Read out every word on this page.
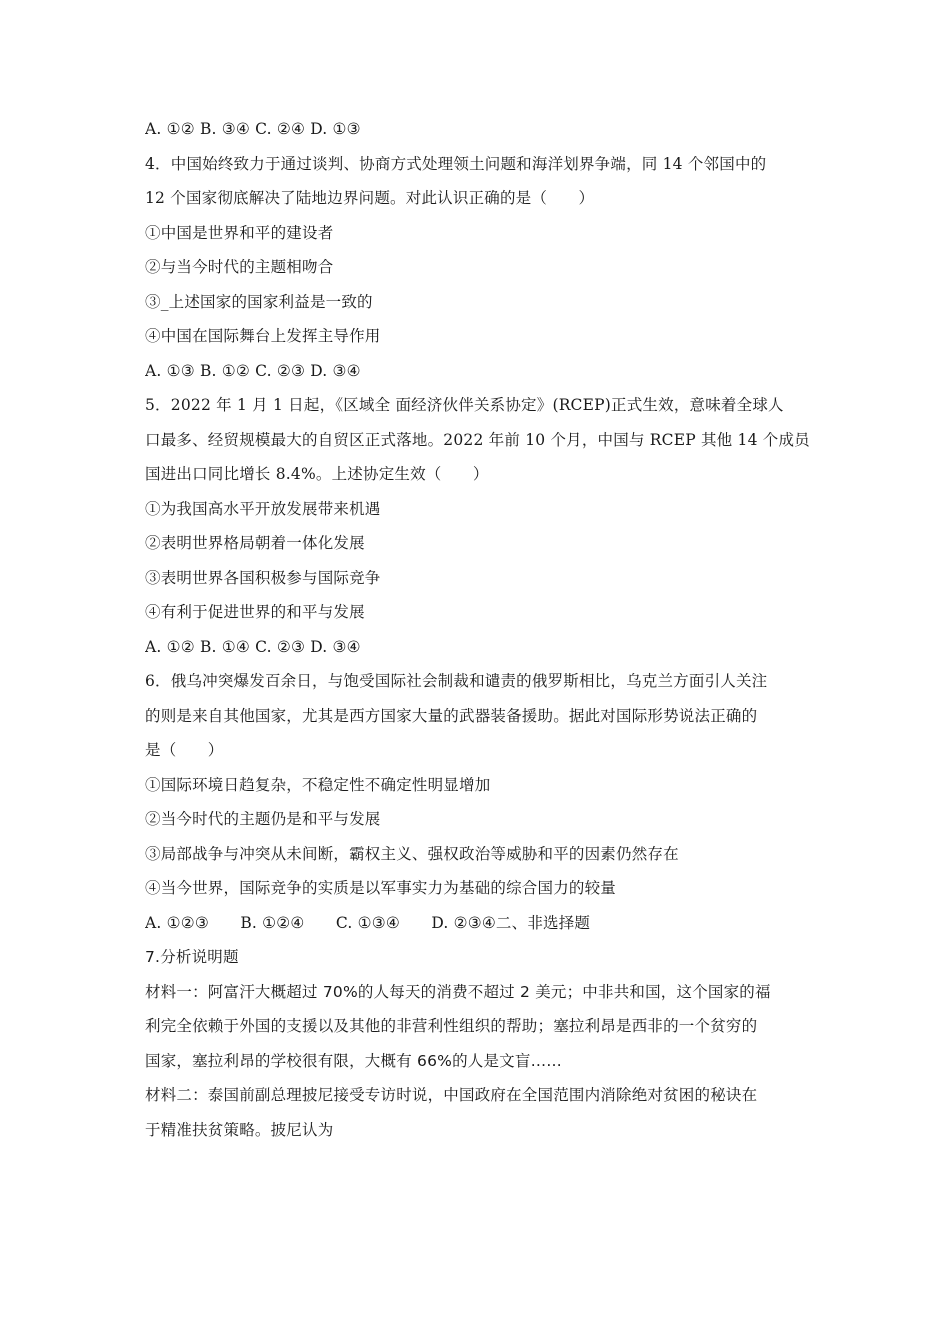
A. ①② B. ③④ C. ②④ D. ①③
4．中国始终致力于通过谈判、协商方式处理领土问题和海洋划界争端，同 14 个邻国中的
12 个国家彻底解决了陆地边界问题。对此认识正确的是（　　）
①中国是世界和平的建设者
②与当今时代的主题相吻合
③_上述国家的国家利益是一致的
④中国在国际舞台上发挥主导作用
A. ①③ B. ①② C. ②③ D. ③④
5．2022 年 1 月 1 日起，《区域全 面经济伙伴关系协定》(RCEP)正式生效，意味着全球人
口最多、经贸规模最大的自贸区正式落地。2022 年前 10 个月，中国与 RCEP 其他 14 个成员
国进出口同比增长 8.4%。上述协定生效（　　）
①为我国高水平开放发展带来机遇
②表明世界格局朝着一体化发展
③表明世界各国积极参与国际竞争
④有利于促进世界的和平与发展
A. ①② B. ①④ C. ②③ D. ③④
6．俄乌冲突爆发百余日，与饱受国际社会制裁和谴责的俄罗斯相比，乌克兰方面引人关注
的则是来自其他国家，尤其是西方国家大量的武器装备援助。据此对国际形势说法正确的
是（　　）
①国际环境日趋复杂，不稳定性不确定性明显增加
②当今时代的主题仍是和平与发展
③局部战争与冲突从未间断，霸权主义、强权政治等威胁和平的因素仍然存在
④当今世界，国际竞争的实质是以军事实力为基础的综合国力的较量
A. ①②③　　B. ①②④　　C. ①③④　　D. ②③④二、非选择题
7.分析说明题
材料一：阿富汗大概超过 70%的人每天的消费不超过 2 美元；中非共和国，这个国家的福
利完全依赖于外国的支援以及其他的非营利性组织的帮助；塞拉利昂是西非的一个贫穷的
国家，塞拉利昂的学校很有限，大概有 66%的人是文盲……
材料二：泰国前副总理披尼接受专访时说，中国政府在全国范围内消除绝对贫困的秘诀在
于精准扶贫策略。披尼认为
